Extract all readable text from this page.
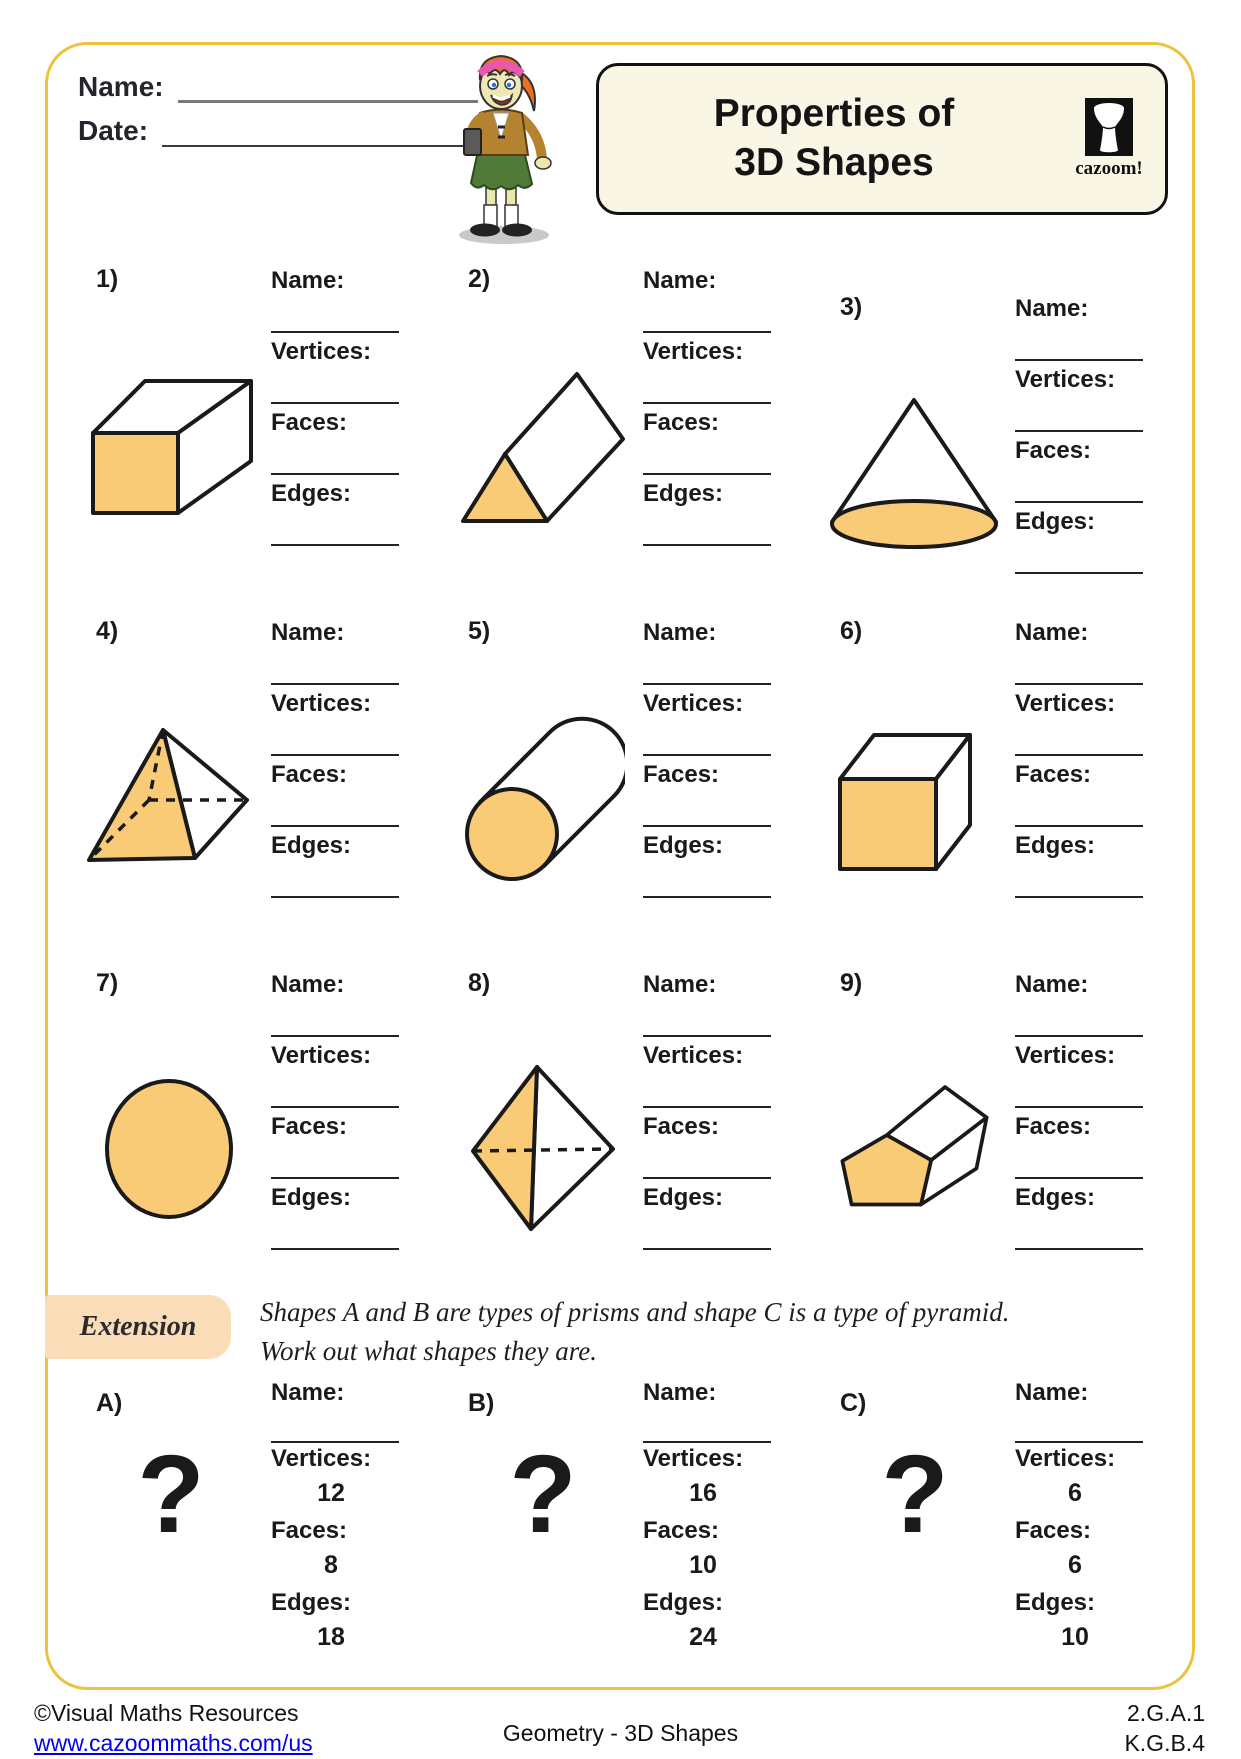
Name:
Date:	Properties of
3D Shapes	cazoom!
1)	Name:
Vertices:
Faces:
Edges:
2)	Name:
Vertices:
Faces:
Edges:
3)	Name:
Vertices:
Faces:
Edges:
4)	Name:
Vertices:
Faces:
Edges:
5)	Name:
Vertices:
Faces:
Edges:
6)	Name:
Vertices:
Faces:
Edges:
7)	Name:
Vertices:
Faces:
Edges:
8)	Name:
Vertices:
Faces:
Edges:
9)	Name:
Vertices:
Faces:
Edges:
Extension	Shapes A and B are types of prisms and shape C is a type of pyramid.
Work out what shapes they are.
A)
?
Name:
Vertices:
12
Faces:
8
Edges:
18
B)
?
Name:
Vertices:
16
Faces:
10
Edges:
24
C)
?
Name:
Vertices:
6
Faces:
6
Edges:
10
©Visual Maths Resources
www.cazoommaths.com/us	Geometry - 3D Shapes
2.G.A.1
K.G.B.4
